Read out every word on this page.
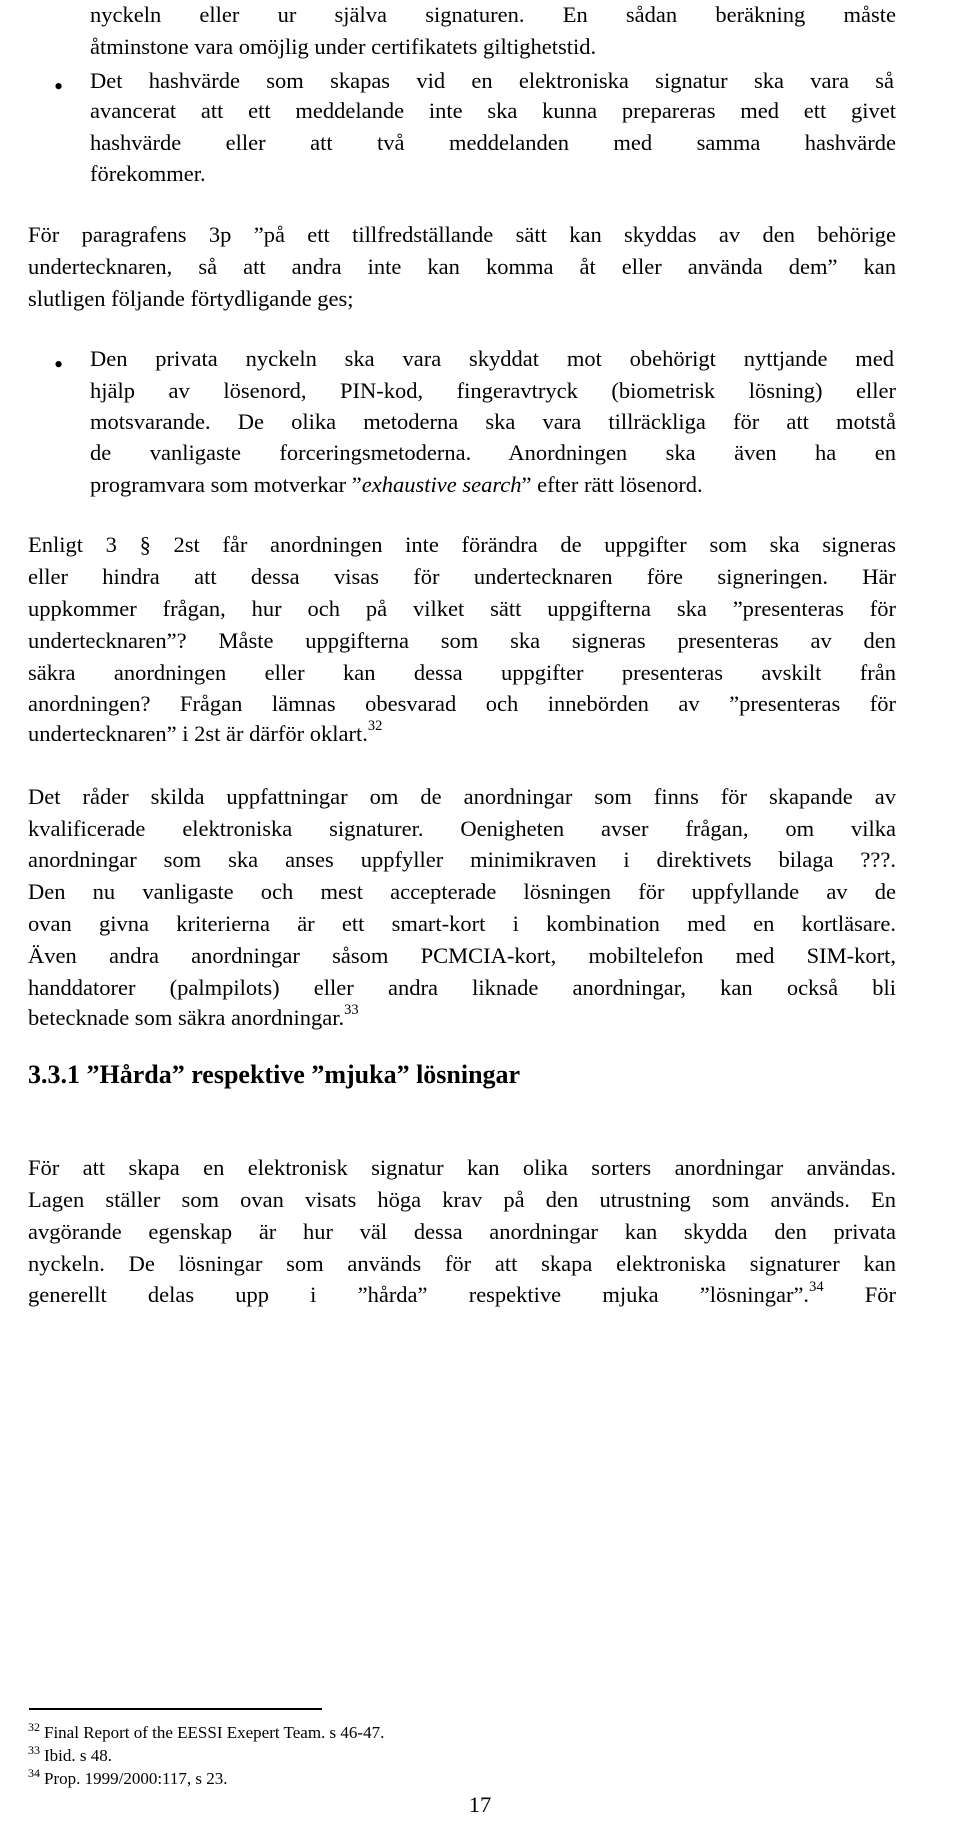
nyckeln eller ur själva signaturen. En sådan beräkning måste
åtminstone vara omöjlig under certifikatets giltighetstid.
• Det hashvärde som skapas vid en elektroniska signatur ska vara så
avancerat att ett meddelande inte ska kunna prepareras med ett givet
hashvärde eller att två meddelanden med samma hashvärde
förekommer.
För paragrafens 3p ”på ett tillfredställande sätt kan skyddas av den behörige
undertecknaren, så att andra inte kan komma åt eller använda dem” kan
slutligen följande förtydligande ges;
• Den privata nyckeln ska vara skyddat mot obehörigt nyttjande med
hjälp av lösenord, PIN-kod, fingeravtryck (biometrisk lösning) eller
motsvarande. De olika metoderna ska vara tillräckliga för att motstå
de vanligaste forceringsmetoderna. Anordningen ska även ha en
programvara som motverkar ”exhaustive search” efter rätt lösenord.
Enligt 3 § 2st får anordningen inte förändra de uppgifter som ska signeras
eller hindra att dessa visas för undertecknaren före signeringen. Här
uppkommer frågan, hur och på vilket sätt uppgifterna ska ”presenteras för
undertecknaren”? Måste uppgifterna som ska signeras presenteras av den
säkra anordningen eller kan dessa uppgifter presenteras avskilt från
anordningen? Frågan lämnas obesvarad och innebörden av ”presenteras för
undertecknaren” i 2st är därför oklart.$^{32}$
Det råder skilda uppfattningar om de anordningar som finns för skapande av
kvalificerade elektroniska signaturer. Oenigheten avser frågan, om vilka
anordningar som ska anses uppfyller minimikraven i direktivets bilaga ???.
Den nu vanligaste och mest accepterade lösningen för uppfyllande av de
ovan givna kriterierna är ett smart-kort i kombination med en kortläsare.
Även andra anordningar såsom PCMCIA-kort, mobiltelefon med SIM-kort,
handdatorer (palmpilots) eller andra liknade anordningar, kan också bli
betecknade som säkra anordningar.$^{33}$
För att skapa en elektronisk signatur kan olika sorters anordningar användas.
Lagen ställer som ovan visats höga krav på den utrustning som används. En
avgörande egenskap är hur väl dessa anordningar kan skydda den privata
nyckeln. De lösningar som används för att skapa elektroniska signaturer kan
generellt delas upp i ”hårda” respektive mjuka ”lösningar”.$^{34}$ För
3.3.1 ”Hårda” respektive ”mjuka” lösningar
$^{32}$ Final Report of the EESSI Exepert Team. s 46-47.
$^{33}$ Ibid. s 48.
$^{34}$ Prop. 1999/2000:117, s 23.
17
